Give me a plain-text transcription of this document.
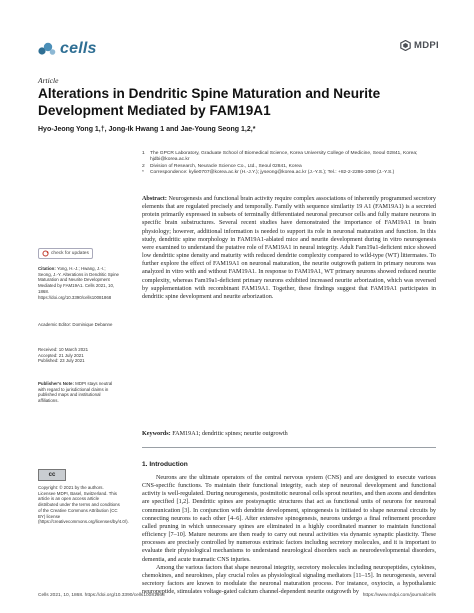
cells	MDPI
Article
Alterations in Dendritic Spine Maturation and Neurite Development Mediated by FAM19A1
Hyo-Jeong Yong 1,†, Jong-Ik Hwang 1 and Jae-Young Seong 1,2,*
1	The GPCR Laboratory, Graduate School of Biomedical Science, Korea University College of Medicine, Seoul 02841, Korea; hjdbi@korea.ac.kr
2	Division of Research, Neuracle Science Co., Ltd., Seoul 02841, Korea
*	Correspondence: kylie0707@korea.ac.kr (H.-J.Y.); jyseong@korea.ac.kr (J.-Y.S.); Tel.: +82-2-2286-1090 (J.-Y.S.)
Abstract: Neurogenesis and functional brain activity require complex associations of inherently programmed secretory elements that are regulated precisely and temporally. Family with sequence similarity 19 A1 (FAM19A1) is a secreted protein primarily expressed in subsets of terminally differentiated neuronal precursor cells and fully mature neurons in specific brain substructures. Several recent studies have demonstrated the importance of FAM19A1 in brain physiology; however, additional information is needed to support its role in neuronal maturation and function. In this study, dendritic spine morphology in FAM19A1-ablated mice and neurite development during in vitro neurogenesis were examined to understand the putative role of FAM19A1 in neural integrity. Adult Fam19a1-deficient mice showed low dendritic spine density and maturity with reduced dendrite complexity compared to wild-type (WT) littermates. To further explore the effect of FAM19A1 on neuronal maturation, the neurite outgrowth pattern in primary neurons was analyzed in vitro with and without FAM19A1. In response to FAM19A1, WT primary neurons showed reduced neurite complexity, whereas Fam19a1-deficient primary neurons exhibited increased neurite arborization, which was reversed by supplementation with recombinant FAM19A1. Together, these findings suggest that FAM19A1 participates in dendritic spine development and neurite arborization.
Keywords: FAM19A1; dendritic spines; neurite outgrowth
check for updates
Citation: Yong, H.-J.; Hwang, J.-I.; Seong, J.-Y. Alterations in Dendritic Spine Maturation and Neurite Development Mediated by FAM19A1. Cells 2021, 10, 1868. https://doi.org/10.3390/cells10081868
Academic Editor: Dominique Debanne
Received: 10 March 2021
Accepted: 21 July 2021
Published: 23 July 2021
Publisher's Note: MDPI stays neutral with regard to jurisdictional claims in published maps and institutional affiliations.
cc
Copyright: © 2021 by the authors. Licensee MDPI, Basel, Switzerland. This article is an open access article distributed under the terms and conditions of the Creative Commons Attribution (CC BY) license (https://creativecommons.org/licenses/by/4.0/).
1. Introduction
Neurons are the ultimate operators of the central nervous system (CNS) and are designed to execute various CNS-specific functions. To maintain their functional integrity, each step of neuronal development and functional activity is well-regulated. During neurogenesis, postmitotic neuronal cells sprout neurites, and then axons and dendrites are specified [1,2]. Dendritic spines are postsynaptic structures that act as functional units of neurons for neuronal communication [3]. In conjunction with dendrite development, spinogenesis is initiated to shape neuronal circuits by connecting neurons to each other [4–6]. After extensive spinogenesis, neurons undergo a final refinement procedure called pruning in which unnecessary spines are eliminated in a highly coordinated manner to maintain functional efficiency [7–10]. Mature neurons are then ready to carry out neural activities via dynamic synaptic plasticity. These processes are precisely controlled by numerous extrinsic factors including secretory molecules, and it is important to evaluate their physiological mechanisms to understand neurological disorders such as neurodevelopmental disorders, dementia, and acute traumatic CNS injuries.
Among the various factors that shape neuronal integrity, secretory molecules including neuropeptides, cytokines, chemokines, and neurokines, play crucial roles as physiological signaling mediators [11–15]. In neurogenesis, several secretory factors are known to modulate the neuronal maturation process. For instance, oxytocin, a hypothalamic neuropeptide, stimulates voltage-gated calcium channel-dependent neurite outgrowth by
Cells 2021, 10, 1868. https://doi.org/10.3390/cells10081868	https://www.mdpi.com/journal/cells
